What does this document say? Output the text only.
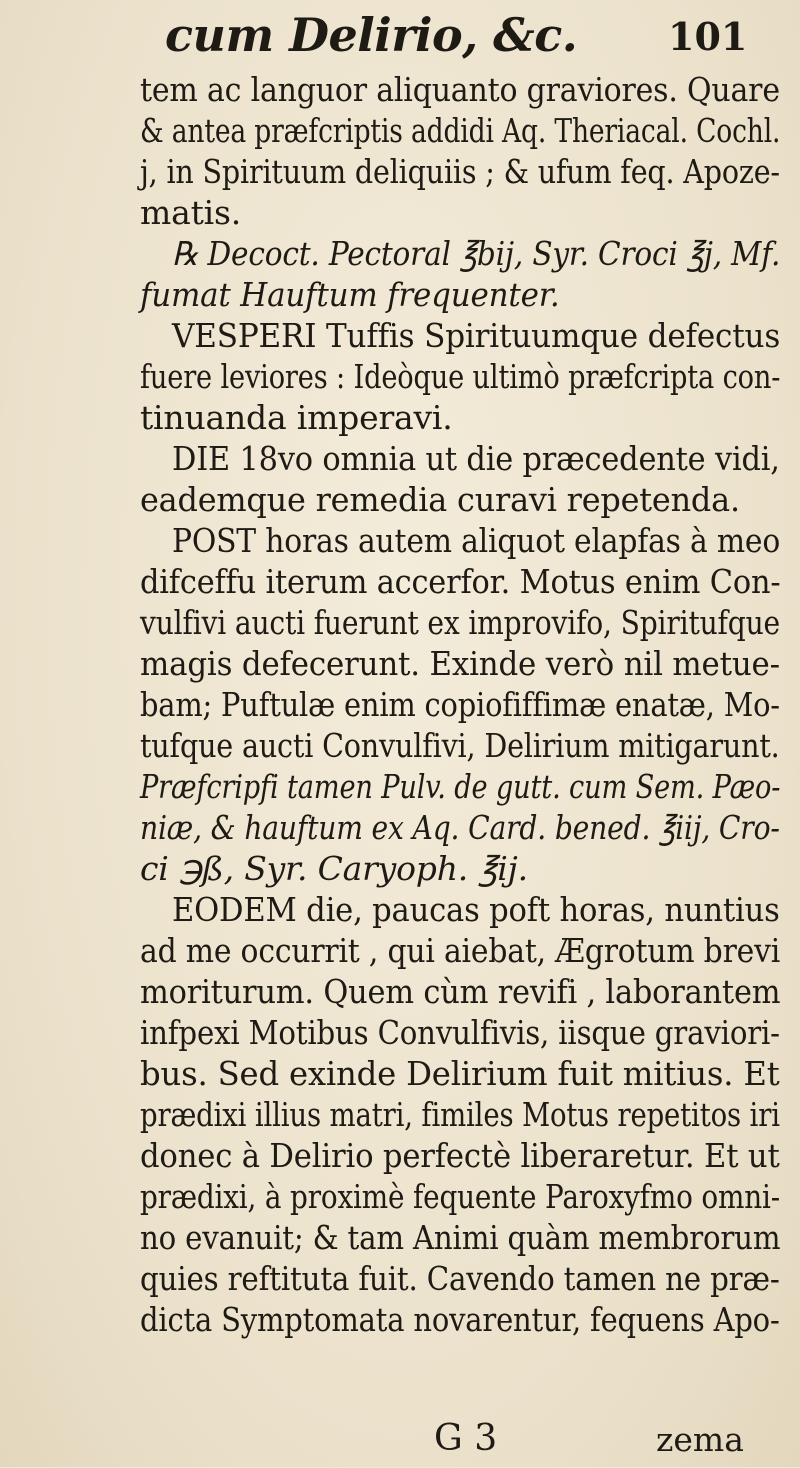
cum Delirio, &c. 101
tem ac languor aliquanto graviores. Quare
& antea præfcriptis addidi Aq. Theriacal. Cochl.
j, in Spirituum deliquiis ; & ufum feq. Apoze-
matis.
℞ Decoct. Pectoral ℥bij, Syr. Croci ℥j, Mf.
fumat Hauftum frequenter.
VESPERI Tuffis Spirituumque defectus
fuere leviores : Ideòque ultimò præfcripta con-
tinuanda imperavi.
DIE 18vo omnia ut die præcedente vidi,
eademque remedia curavi repetenda.
POST horas autem aliquot elapfas à meo
difceffu iterum accerfor. Motus enim Con-
vulfivi aucti fuerunt ex improvifo, Spiritufque
magis defecerunt. Exinde verò nil metue-
bam; Puftulæ enim copiofiffimæ enatæ, Mo-
tufque aucti Convulfivi, Delirium mitigarunt.
Præfcripfi tamen Pulv. de gutt. cum Sem. Pæo-
niæ, & hauftum ex Aq. Card. bened. ℥iij, Cro-
ci ℈ß, Syr. Caryoph. ℥ij.
EODEM die, paucas poft horas, nuntius
ad me occurrit , qui aiebat, Ægrotum brevi
moriturum. Quem cùm revifi , laborantem
infpexi Motibus Convulfivis, iisque graviori-
bus. Sed exinde Delirium fuit mitius. Et
prædixi illius matri, fimiles Motus repetitos iri
donec à Delirio perfectè liberaretur. Et ut
prædixi, à proximè fequente Paroxyfmo omni-
no evanuit; & tam Animi quàm membrorum
quies reftituta fuit. Cavendo tamen ne præ-
dicta Symptomata novarentur, fequens Apo-
G 3	zema
